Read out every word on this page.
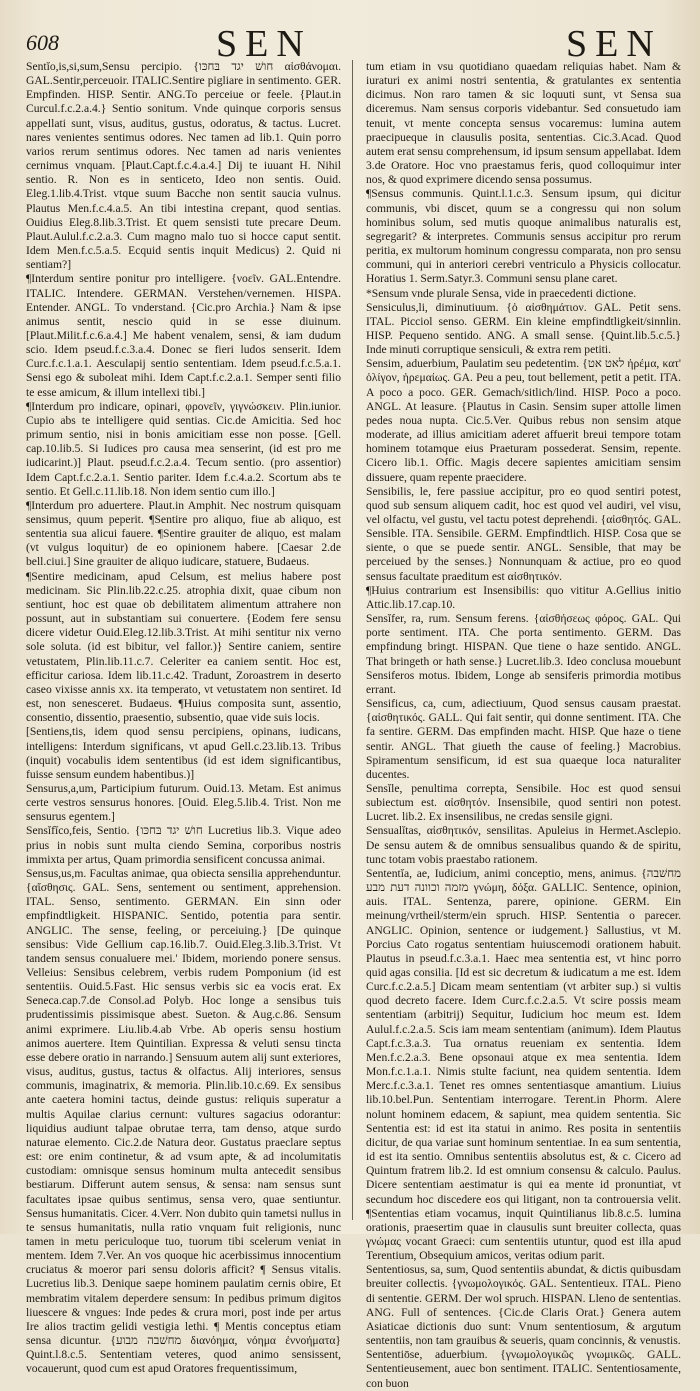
608	SEN	SEN

Sentĭo,is,si,sum,Sensu percipio. {חושׁ יגד בּחכּו αἰσθάνομαι. GAL.Sentir,perceuoir. ITALIC.Sentire pigliare in sentimento. GER. Empfinden. HISP. Sentir. ANG.To perceiue or feele. {Plaut.in Curcul.f.c.2.a.4.} Sentio sonitum. Vnde quinque corporis sensus appellati sunt, visus, auditus, gustus, odoratus, & tactus. Lucret. nares venientes sentimus odores. Nec tamen ad lib.1. Quin porro varios rerum sentimus odores. Nec tamen ad naris venientes cernimus vnquam. [Plaut.Capt.f.c.4.a.4.] Dij te iuuant H. Nihil sentio. R. Non es in senticeto, Ideo non sentis. Ouid. Eleg.1.lib.4.Trist. vtque suum Bacche non sentit saucia vulnus. Plautus Men.f.c.4.a.5. An tibi intestina crepant, quod sentias. Ouidius Eleg.8.lib.3.Trist. Et quem sensisti tute precare Deum. Plaut.Aulul.f.c.2.a.3. Cum magno malo tuo si hocce caput sentit. Idem Men.f.c.5.a.5. Ecquid sentis inquit Medicus) 2. Quid ni sentiam?]

¶Interdum sentire ponitur pro intelligere. {νοεῖν. GAL.Entendre. ITALIC. Intendere. GERMAN. Verstehen/vernemen. HISPA. Entender. ANGL. To vnderstand. {Cic.pro Archia.} Nam & ipse animus sentit, nescio quid in se esse diuinum. [Plaut.Milit.f.c.6.a.4.] Me habent venalem, sensi, & iam dudum scio. Idem pseud.f.c.3.a.4. Donec se fieri ludos senserit. Idem Curc.f.c.1.a.1. Aesculapij sentio sententiam. Idem pseud.f.c.5.a.1. Sensi ego & suboleat mihi. Idem Capt.f.c.2.a.1. Semper senti filio te esse amicum, & illum intellexi tibi.]

¶Interdum pro indicare, opinari, φρονεῖν, γιγνώσκειν. Plin.iunior. Cupio abs te intelligere quid sentias. Cic.de Amicitia. Sed hoc primum sentio, nisi in bonis amicitiam esse non posse. [Gell. cap.10.lib.5. Si Iudices pro causa mea senserint, (id est pro me iudicarint.)] Plaut. pseud.f.c.2.a.4. Tecum sentio. (pro assentior) Idem Capt.f.c.2.a.1. Sentio pariter. Idem f.c.4.a.2. Scortum abs te sentio. Et Gell.c.11.lib.18. Non idem sentio cum illo.]

¶Interdum pro aduertere. Plaut.in Amphit. Nec nostrum quisquam sensimus, quum peperit. ¶Sentire pro aliquo, fiue ab aliquo, est sententia sua alicui fauere. ¶Sentire grauiter de aliquo, est malam (vt vulgus loquitur) de eo opinionem habere. [Caesar 2.de bell.ciui.] Sine grauiter de aliquo iudicare, statuere, Budaeus.

¶Sentire medicinam, apud Celsum, est melius habere post medicinam. Sic Plin.lib.22.c.25. atrophia dixit, quae cibum non sentiunt, hoc est quae ob debilitatem alimentum attrahere non possunt, aut in substantiam sui conuertere. {Eodem fere sensu dicere videtur Ouid.Eleg.12.lib.3.Trist. At mihi sentitur nix verno sole soluta. (id est bibitur, vel fallor.)} Sentire caniem, sentire vetustatem, Plin.lib.11.c.7. Celeriter ea caniem sentit. Hoc est, efficitur cariosa. Idem lib.11.c.42. Tradunt, Zoroastrem in deserto caseo vixisse annis xx. ita temperato, vt vetustatem non sentiret. Id est, non senesceret. Budaeus. ¶Huius composita sunt, assentio, consentio, dissentio, praesentio, subsentio, quae vide suis locis.

[Sentiens,tis, idem quod sensu percipiens, opinans, iudicans, intelligens: Interdum significans, vt apud Gell.c.23.lib.13. Tribus (inquit) vocabulis idem sententibus (id est idem significantibus, fuisse sensum eundem habentibus.)]

Sensurus,a,um, Participium futurum. Ouid.13. Metam. Est animus certe vestros sensurus honores. [Ouid. Eleg.5.lib.4. Trist. Non me sensurus egentem.]

Sensĭfĭco,feis, Sentio. {חושׁ יגד בּחכּו Lucretius lib.3. Vique adeo prius in nobis sunt multa ciendo Semina, corporibus nostris immixta per artus, Quam primordia sensificent concussa animai.

Sensus,us,m. Facultas animae, qua obiecta sensilia apprehenduntur. {αἴσθησις. GAL. Sens, sentement ou sentiment, apprehension. ITAL. Senso, sentimento. GERMAN. Ein sinn oder empfindtligkeit. HISPANIC. Sentido, potentia para sentir. ANGLIC. The sense, feeling, or perceiuing.} [De quinque sensibus: Vide Gellium cap.16.lib.7. Ouid.Eleg.3.lib.3.Trist. Vt tandem sensus conualuere mei.' Ibidem, moriendo ponere sensus. Velleius: Sensibus celebrem, verbis rudem Pomponium (id est sententiis. Ouid.5.Fast. Hic sensus verbis sic ea vocis erat. Ex Seneca.cap.7.de Consol.ad Polyb. Hoc longe a sensibus tuis prudentissimis pissimisque abest. Sueton. & Aug.c.86. Sensum animi exprimere. Liu.lib.4.ab Vrbe. Ab operis sensu hostium animos auertere. Item Quintilian. Expressa & veluti sensu tincta esse debere oratio in narrando.] Sensuum autem alij sunt exteriores, visus, auditus, gustus, tactus & olfactus. Alij interiores, sensus communis, imaginatrix, & memoria. Plin.lib.10.c.69. Ex sensibus ante caetera homini tactus, deinde gustus: reliquis superatur a multis Aquilae clarius cernunt: vultures sagacius odorantur: liquidius audiunt talpae obrutae terra, tam denso, atque surdo naturae elemento. Cic.2.de Natura deor. Gustatus praeclare septus est: ore enim continetur, & ad vsum apte, & ad incolumitatis custodiam: omnisque sensus hominum multa antecedit sensibus bestiarum. Differunt autem sensus, & sensa: nam sensus sunt facultates ipsae quibus sentimus, sensa vero, quae sentiuntur. Sensus humanitatis. Cicer. 4.Verr. Non dubito quin tametsi nullus in te sensus humanitatis, nulla ratio vnquam fuit religionis, nunc tamen in metu periculoque tuo, tuorum tibi scelerum veniat in mentem. Idem 7.Ver. An vos quoque hic acerbissimus innocentium cruciatus & moeror pari sensu doloris afficit? ¶ Sensus vitalis. Lucretius lib.3. Denique saepe hominem paulatim cernis obire, Et membratim vitalem deperdere sensum: In pedibus primum digitos liuescere & vngues: Inde pedes & crura mori, post inde per artus Ire alios tractim gelidi vestigia lethi. ¶ Mentis conceptus etiam sensa dicuntur. {מחשׁבה מבוע διανόημα, νόημα ἐννοήματα} Quint.l.8.c.5. Sententiam veteres, quod animo sensissent, vocauerunt, quod cum est apud Oratores frequentissimum,

tum etiam in vsu quotidiano quaedam reliquias habet. Nam & iuraturi ex animi nostri sententia, & gratulantes ex sententia dicimus. Non raro tamen & sic loquuti sunt, vt Sensa sua diceremus. Nam sensus corporis videbantur. Sed consuetudo iam tenuit, vt mente concepta sensus vocaremus: lumina autem praecipueque in clausulis posita, sententias. Cic.3.Acad. Quod autem erat sensu comprehensum, id ipsum sensum appellabat. Idem 3.de Oratore. Hoc vno praestamus feris, quod colloquimur inter nos, & quod exprimere dicendo sensa possumus.

¶Sensus communis. Quint.l.1.c.3. Sensum ipsum, qui dicitur communis, vbi discet, quum se a congressu qui non solum hominibus solum, sed mutis quoque animalibus naturalis est, segregarit? & interpretes. Communis sensus accipitur pro rerum peritia, ex multorum hominum congressu comparata, non pro sensu communi, qui in anteriori cerebri ventriculo a Physicis collocatur. Horatius 1. Serm.Satyr.3. Communi sensu plane caret.

*Sensum vnde plurale Sensa, vide in praecedenti dictione.

Sensiculus,li, diminutiuum. {ὁ αἰσθημάτιον. GAL. Petit sens. ITAL. Picciol senso. GERM. Ein kleine empfindtligkeit/sinnlin. HISP. Pequeno sentido. ANG. A small sense. {Quint.lib.5.c.5.} Inde minuti corruptique sensiculi, & extra rem petiti.

Sensim, aduerbium, Paulatim seu pedetentim. {לאט אט ἠρέμα, κατ' ὀλίγον, ἠρεμαίως. GA. Peu a peu, tout bellement, petit a petit. ITA. A poco a poco. GER. Gemach/sitlich/lind. HISP. Poco a poco. ANGL. At leasure. {Plautus in Casin. Sensim super attolle limen pedes noua nupta. Cic.5.Ver. Quibus rebus non sensim atque moderate, ad illius amicitiam aderet affuerit breui tempore totam hominem totamque eius Praeturam possederat. Sensim, repente. Cicero lib.1. Offic. Magis decere sapientes amicitiam sensim dissuere, quam repente praecidere.

Sensibilis, le, fere passiue accipitur, pro eo quod sentiri potest, quod sub sensum aliquem cadit, hoc est quod vel audiri, vel visu, vel olfactu, vel gustu, vel tactu potest deprehendi. {αἰσθητός. GAL. Sensible. ITA. Sensibile. GERM. Empfindtlich. HISP. Cosa que se siente, o que se puede sentir. ANGL. Sensible, that may be perceiued by the senses.} Nonnunquam & actiue, pro eo quod sensus facultate praeditum est αἰσθητικόν.

¶Huius contrarium est Insensibilis: quo vititur A.Gellius initio Attic.lib.17.cap.10.

Sensĭfer, ra, rum. Sensum ferens. {αἰσθήσεως φόρος. GAL. Qui porte sentiment. ITA. Che porta sentimento. GERM. Das empfindung bringt. HISPAN. Que tiene o haze sentido. ANGL. That bringeth or hath sense.} Lucret.lib.3. Ideo conclusa mouebunt Sensiferos motus. Ibidem, Longe ab sensiferis primordia motibus errant.

Sensificus, ca, cum, adiectiuum, Quod sensus causam praestat. {αἰσθητικός. GALL. Qui fait sentir, qui donne sentiment. ITA. Che fa sentire. GERM. Das empfinden macht. HISP. Que haze o tiene sentir. ANGL. That giueth the cause of feeling.} Macrobius. Spiramentum sensificum, id est sua quaeque loca naturaliter ducentes.

Sensĭle, penultima correpta, Sensibile. Hoc est quod sensui subiectum est. αἰσθητόν. Insensibile, quod sentiri non potest. Lucret. lib.2. Ex insensilibus, ne credas sensile gigni.

Sensualĭtas, αἰσθητικόν, sensilitas. Apuleius in Hermet.Asclepio. De sensu autem & de omnibus sensualibus quando & de spiritu, tunc totam vobis praestabo rationem.

Sententĭa, ae, Iudicium, animi conceptio, mens, animus. {מחשׁבה מזמה וכוונה דעת מבע γνώμη, δόξα. GALLIC. Sentence, opinion, auis. ITAL. Sentenza, parere, opinione. GERM. Ein meinung/vrtheil/sterm/ein spruch. HISP. Sententia o parecer. ANGLIC. Opinion, sentence or iudgement.} Sallustius, vt M. Porcius Cato rogatus sententiam huiuscemodi orationem habuit. Plautus in pseud.f.c.3.a.1. Haec mea sententia est, vt hinc porro quid agas consilia. [Id est sic decretum & iudicatum a me est. Idem Curc.f.c.2.a.5.] Dicam meam sententiam (vt arbiter sup.) si vultis quod decreto facere. Idem Curc.f.c.2.a.5. Vt scire possis meam sententiam (arbitrij) Sequitur, Iudicium hoc meum est. Idem Aulul.f.c.2.a.5. Scis iam meam sententiam (animum). Idem Plautus Capt.f.c.3.a.3. Tua ornatus reueniam ex sententia. Idem Men.f.c.2.a.3. Bene opsonaui atque ex mea sententia. Idem Mon.f.c.1.a.1. Nimis stulte faciunt, nea quidem sententia. Idem Merc.f.c.3.a.1. Tenet res omnes sententiasque amantium. Liuius lib.10.bel.Pun. Sententiam interrogare. Terent.in Phorm. Alere nolunt hominem edacem, & sapiunt, mea quidem sententia. Sic Sententia est: id est ita statui in animo. Res posita in sententiis dicitur, de qua variae sunt hominum sententiae. In ea sum sententia, id est ita sentio. Omnibus sententiis absolutus est, & c. Cicero ad Quintum fratrem lib.2. Id est omnium consensu & calculo. Paulus. Dicere sententiam aestimatur is qui ea mente id pronuntiat, vt secundum hoc discedere eos qui litigant, non ta controuersia velit. ¶Sententias etiam vocamus, inquit Quintilianus lib.8.c.5. lumina orationis, praesertim quae in clausulis sunt breuiter collecta, quas γνώμας vocant Graeci: cum sententiis utuntur, quod est illa apud Terentium, Obsequium amicos, veritas odium parit.

Sententiosus, sa, sum, Quod sententiis abundat, & dictis quibusdam breuiter collectis. {γνωμολογικός. GAL. Sententieux. ITAL. Pieno di sententie. GERM. Der wol spruch. HISPAN. Lleno de sententias. ANG. Full of sentences. {Cic.de Claris Orat.} Genera autem Asiaticae dictionis duo sunt: Vnum sententiosum, & argutum sententiis, non tam grauibus & seueris, quam concinnis, & venustis.

Sententiōse, aduerbium. {γνωμολογικῶς γνωμικῶς. GALL. Sententieusement, auec bon sentiment. ITALIC. Sententiosamente, con buon
